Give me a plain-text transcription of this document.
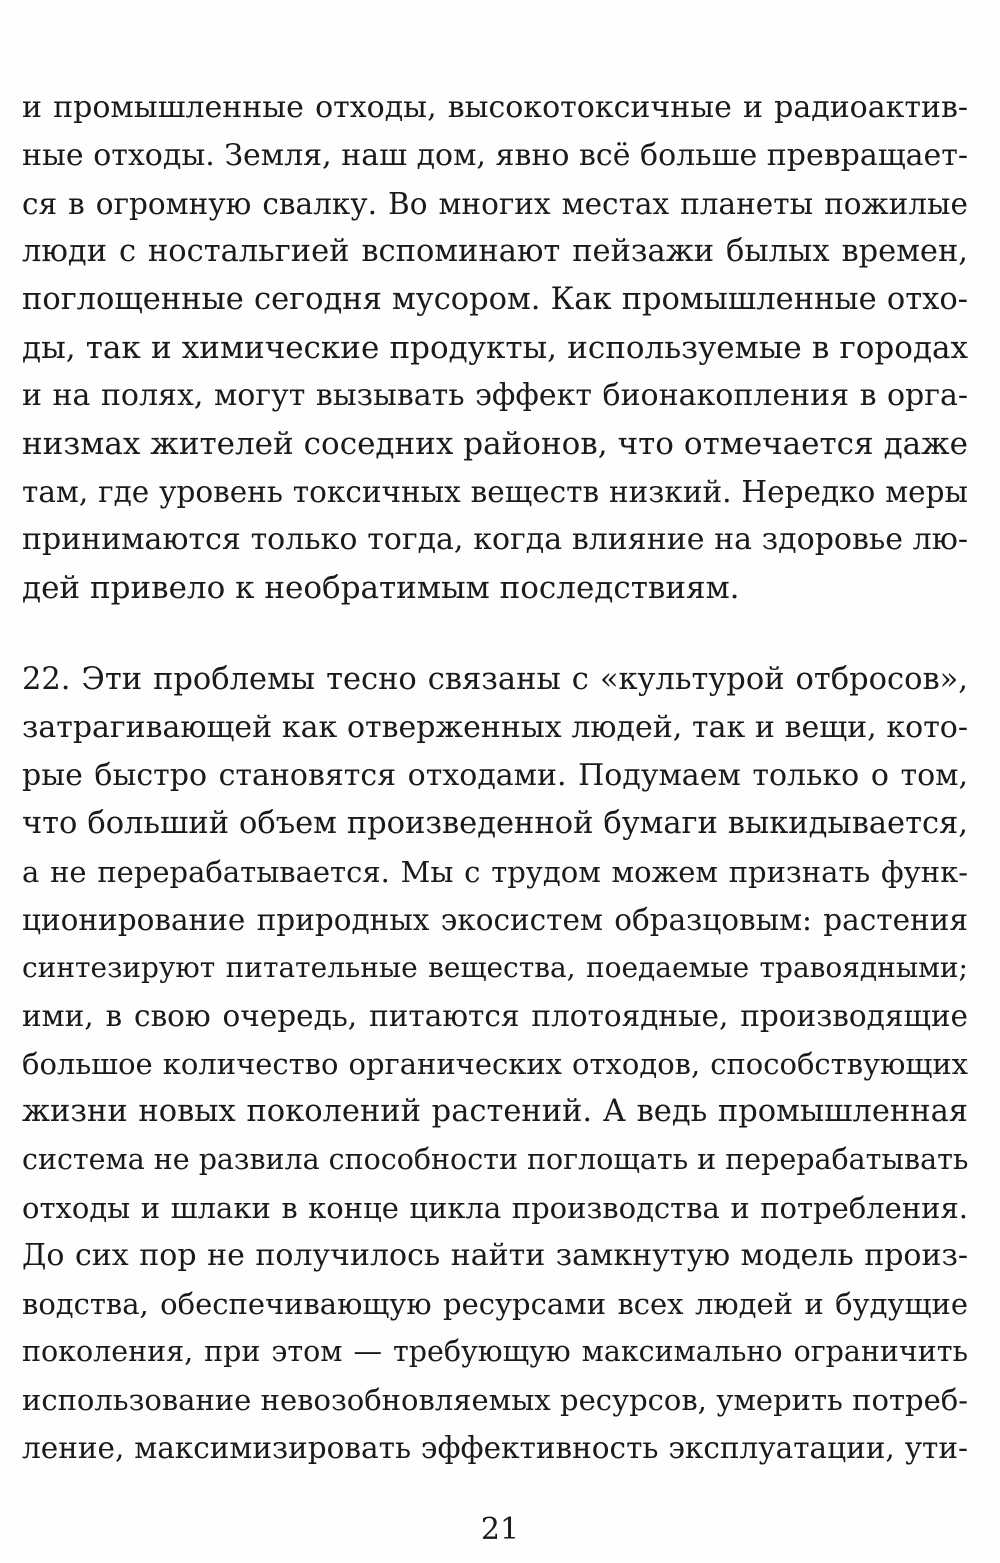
и промышленные отходы, высокотоксичные и радиоактив-
ные отходы. Земля, наш дом, явно всё больше превращает-
ся в огромную свалку. Во многих местах планеты пожилые
люди с ностальгией вспоминают пейзажи былых времен,
поглощенные сегодня мусором. Как промышленные отхо-
ды, так и химические продукты, используемые в городах
и на полях, могут вызывать эффект бионакопления в орга-
низмах жителей соседних районов, что отмечается даже
там, где уровень токсичных веществ низкий. Нередко меры
принимаются только тогда, когда влияние на здоровье лю-
дей привело к необратимым последствиям.
22. Эти проблемы тесно связаны с «культурой отбросов»,
затрагивающей как отверженных людей, так и вещи, кото-
рые быстро становятся отходами. Подумаем только о том,
что больший объем произведенной бумаги выкидывается,
а не перерабатывается. Мы с трудом можем признать функ-
ционирование природных экосистем образцовым: растения
синтезируют питательные вещества, поедаемые травоядными;
ими, в свою очередь, питаются плотоядные, производящие
большое количество органических отходов, способствующих
жизни новых поколений растений. А ведь промышленная
система не развила способности поглощать и перерабатывать
отходы и шлаки в конце цикла производства и потребления.
До сих пор не получилось найти замкнутую модель произ-
водства, обеспечивающую ресурсами всех людей и будущие
поколения, при этом — требующую максимально ограничить
использование невозобновляемых ресурсов, умерить потреб-
ление, максимизировать эффективность эксплуатации, ути-
21
